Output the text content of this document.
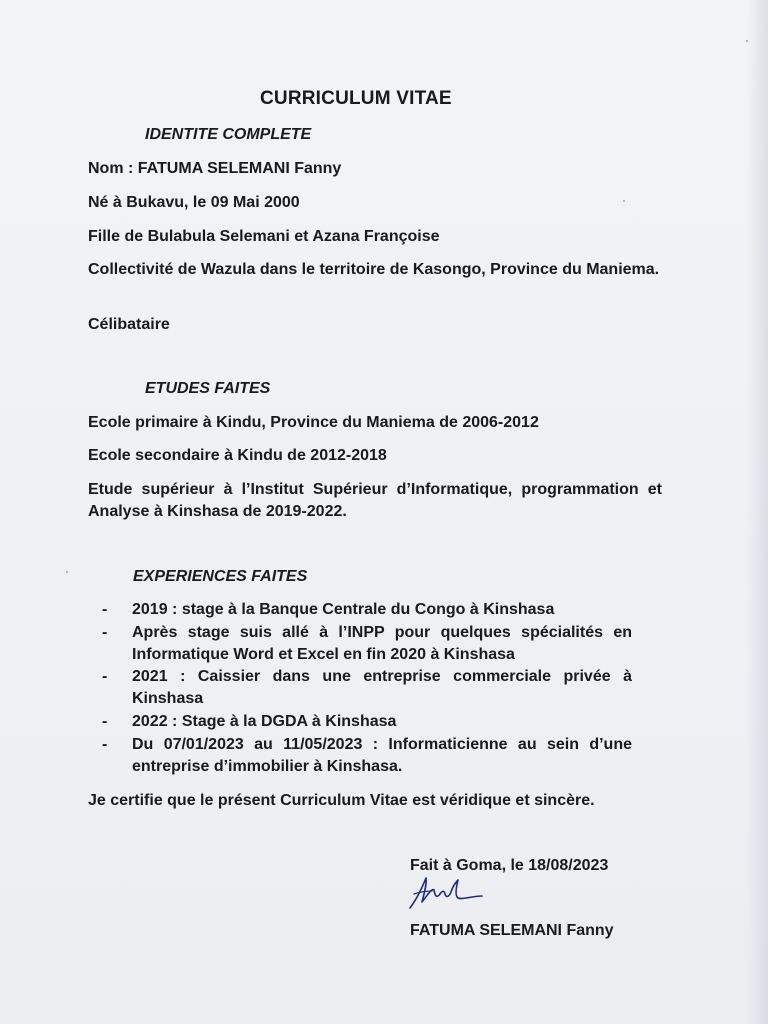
CURRICULUM VITAE
IDENTITE COMPLETE

Nom : FATUMA SELEMANI Fanny

Né à Bukavu, le 09 Mai 2000

Fille de Bulabula Selemani et Azana Françoise

Collectivité de Wazula dans le territoire de Kasongo, Province du Maniema.

Célibataire

ETUDES FAITES

Ecole primaire à Kindu, Province du Maniema de 2006-2012

Ecole secondaire à Kindu de 2012-2018

Etude supérieur à l’Institut Supérieur d’Informatique, programmation et Analyse à Kinshasa de 2019-2022.

EXPERIENCES FAITES
-	2019 : stage à la Banque Centrale du Congo à Kinshasa
-	Après stage suis allé à l’INPP pour quelques spécialités en Informatique Word et Excel en fin 2020 à Kinshasa
-	2021 : Caissier dans une entreprise commerciale privée à Kinshasa
-	2022 : Stage à la DGDA à Kinshasa
-	Du 07/01/2023 au 11/05/2023 : Informaticienne au sein d’une entreprise d’immobilier à Kinshasa.

Je certifie que le présent Curriculum Vitae est véridique et sincère.

Fait à Goma, le 18/08/2023

FATUMA SELEMANI Fanny
